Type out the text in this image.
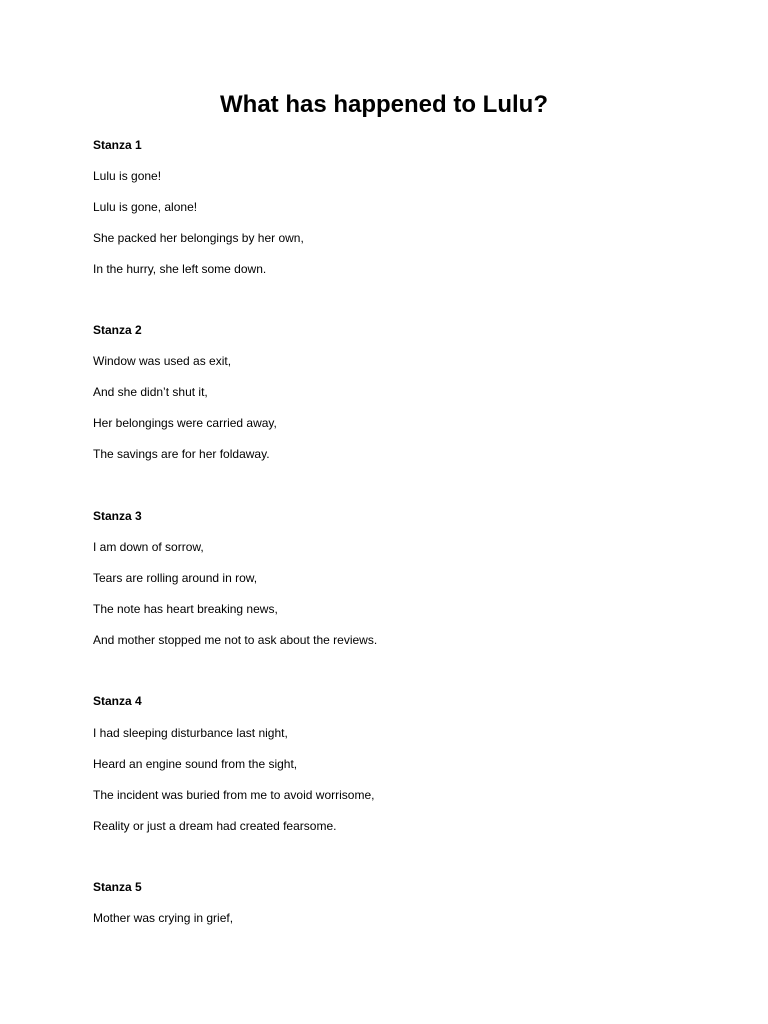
What has happened to Lulu?

Stanza 1

Lulu is gone!

Lulu is gone, alone!

She packed her belongings by her own,

In the hurry, she left some down.

Stanza 2

Window was used as exit,

And she didn’t shut it,

Her belongings were carried away,

The savings are for her foldaway.

Stanza 3

I am down of sorrow,

Tears are rolling around in row,

The note has heart breaking news,

And mother stopped me not to ask about the reviews.

Stanza 4

I had sleeping disturbance last night,

Heard an engine sound from the sight,

The incident was buried from me to avoid worrisome,

Reality or just a dream had created fearsome.

Stanza 5

Mother was crying in grief,
